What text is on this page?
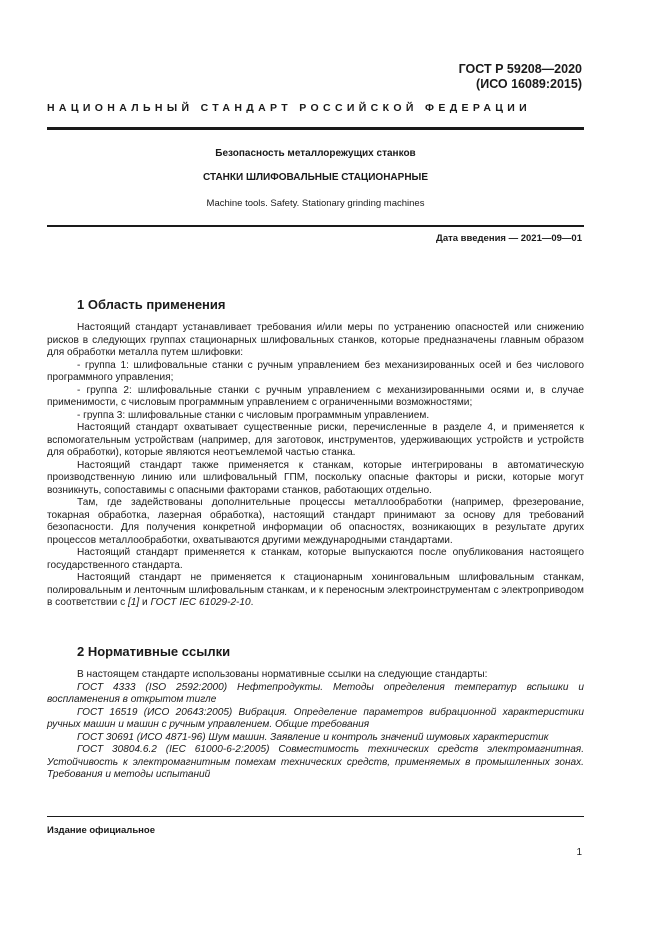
ГОСТ Р 59208—2020
(ИСО 16089:2015)
НАЦИОНАЛЬНЫЙ СТАНДАРТ РОССИЙСКОЙ ФЕДЕРАЦИИ
Безопасность металлорежущих станков
СТАНКИ ШЛИФОВАЛЬНЫЕ СТАЦИОНАРНЫЕ
Machine tools. Safety. Stationary grinding machines
Дата введения — 2021—09—01
1 Область применения

Настоящий стандарт устанавливает требования и/или меры по устранению опасностей или снижению рисков в следующих группах стационарных шлифовальных станков, которые предназначены главным образом для обработки металла путем шлифовки:

- группа 1: шлифовальные станки с ручным управлением без механизированных осей и без числового программного управления;

- группа 2: шлифовальные станки с ручным управлением с механизированными осями и, в случае применимости, с числовым программным управлением с ограниченными возможностями;

- группа 3: шлифовальные станки с числовым программным управлением.

Настоящий стандарт охватывает существенные риски, перечисленные в разделе 4, и применяется к вспомогательным устройствам (например, для заготовок, инструментов, удерживающих устройств и устройств для обработки), которые являются неотъемлемой частью станка.

Настоящий стандарт также применяется к станкам, которые интегрированы в автоматическую производственную линию или шлифовальный ГПМ, поскольку опасные факторы и риски, которые могут возникнуть, сопоставимы с опасными факторами станков, работающих отдельно.

Там, где задействованы дополнительные процессы металлообработки (например, фрезерование, токарная обработка, лазерная обработка), настоящий стандарт принимают за основу для требований безопасности. Для получения конкретной информации об опасностях, возникающих в результате других процессов металлообработки, охватываются другими международными стандартами.

Настоящий стандарт применяется к станкам, которые выпускаются после опубликования настоящего государственного стандарта.

Настоящий стандарт не применяется к стационарным хонинговальным шлифовальным станкам, полировальным и ленточным шлифовальным станкам, и к переносным электроинструментам с электроприводом в соответствии с [1] и ГОСТ IEC 61029-2-10.

2 Нормативные ссылки

В настоящем стандарте использованы нормативные ссылки на следующие стандарты:

ГОСТ 4333 (ISO 2592:2000) Нефтепродукты. Методы определения температур вспышки и воспламенения в открытом тигле

ГОСТ 16519 (ИСО 20643:2005) Вибрация. Определение параметров вибрационной характеристики ручных машин и машин с ручным управлением. Общие требования

ГОСТ 30691 (ИСО 4871-96) Шум машин. Заявление и контроль значений шумовых характеристик

ГОСТ 30804.6.2 (IEC 61000-6-2:2005) Совместимость технических средств электромагнитная. Устойчивость к электромагнитным помехам технических средств, применяемых в промышленных зонах. Требования и методы испытаний

Издание официальное
1
